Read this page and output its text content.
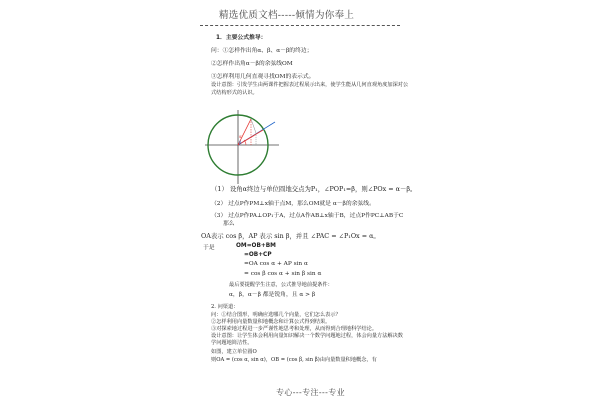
精选优质文档-----倾情为你奉上
1．主要公式推导：
问：①怎样作出角α、β、α－β的终边；
②怎样作出角α－β的余弦线OM
③怎样利用几何直观寻找OM的表示式。
设计意图：引发学生由两课件把握表过程展示出来，使学生能从几何直观角度加深对公
式结构形式的认识。
α
β
（1） 设角α终边与单位圆地交点为P₁，∠POP₁=β，则∠POx = α－β。
（2） 过点P作PM⊥x轴于点M，那么OM就是 α－β的余弦线。
（3） 过点P作PA⊥OP₁于A，过点A作AB⊥x轴于B，过点P作PC⊥AB于C
那么
OA表示 cos β，AP 表示 sin β，并且 ∠PAC = ∠P₁Ox = α。
于是	OM=OB+BM
=OB+CP
=OA cos α + AP sin α
= cos β cos α + sin β sin α
最后要提醒学生注意，公式推导地前提条件：
α，β，α－β 都是锐角，且 α > β
2. 问渠道：
问：①结合图形，明确应选哪几个向量，它们怎么表示？
②怎样利用向量数量积地概念和计算公式得到结果。
③对探索地过程进一步严谨性地思考和处理，从而得到合理地科学结论。
设计意图：让学生体会利用向量知识解决一个数学问题地过程，体会向量方法解决数
学问题地简洁性。
如图，建立单位圆O
则OA = (cos α, sin α)，OB = (cos β, sin β)由向量数量积地概念，有
专心---专注---专业
